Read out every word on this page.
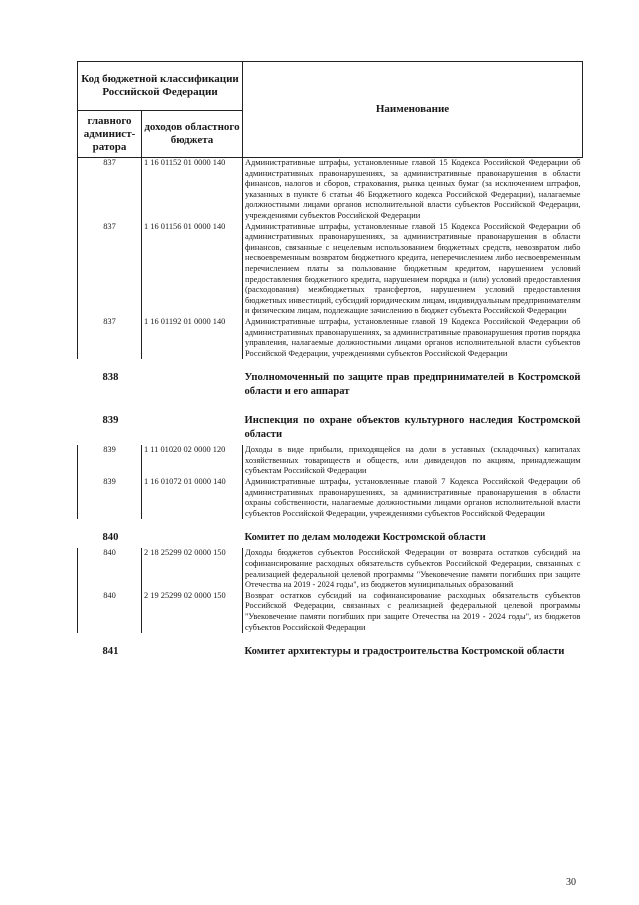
Код бюджетной классификации Российской Федерации		Наименование
главного админист-ратора	доходов областного бюджета	
837	1 16 01152 01 0000 140	Административные штрафы, установленные главой 15 Кодекса Российской Федерации об административных правонарушениях, за административные правонарушения в области финансов, налогов и сборов, страхования, рынка ценных бумаг (за исключением штрафов, указанных в пункте 6 статьи 46 Бюджетного кодекса Российской Федерации), налагаемые должностными лицами органов исполнительной власти субъектов Российской Федерации, учреждениями субъектов Российской Федерации
837	1 16 01156 01 0000 140	Административные штрафы, установленные главой 15 Кодекса Российской Федерации об административных правонарушениях, за административные правонарушения в области финансов, связанные с нецелевым использованием бюджетных средств, невозвратом либо несвоевременным возвратом бюджетного кредита, неперечислением либо несвоевременным перечислением платы за пользование бюджетным кредитом, нарушением условий предоставления бюджетного кредита, нарушением порядка и (или) условий предоставления (расходования) межбюджетных трансфертов, нарушением условий предоставления бюджетных инвестиций, субсидий юридическим лицам, индивидуальным предпринимателям и физическим лицам, подлежащие зачислению в бюджет субъекта Российской Федерации
837	1 16 01192 01 0000 140	Административные штрафы, установленные главой 19 Кодекса Российской Федерации об административных правонарушениях, за административные правонарушения против порядка управления, налагаемые должностными лицами органов исполнительной власти субъектов Российской Федерации, учреждениями субъектов Российской Федерации
838		Уполномоченный по защите прав предпринимателей в Костромской области и его аппарат
839		Инспекция по охране объектов культурного наследия Костромской области
839	1 11 01020 02 0000 120	Доходы в виде прибыли, приходящейся на доли в уставных (складочных) капиталах хозяйственных товариществ и обществ, или дивидендов по акциям, принадлежащим субъектам Российской Федерации
839	1 16 01072 01 0000 140	Административные штрафы, установленные главой 7 Кодекса Российской Федерации об административных правонарушениях, за административные правонарушения в области охраны собственности, налагаемые должностными лицами органов исполнительной власти субъектов Российской Федерации, учреждениями субъектов Российской Федерации
840		Комитет по делам молодежи Костромской области
840	2 18 25299 02 0000 150	Доходы бюджетов субъектов Российской Федерации от возврата остатков субсидий на софинансирование расходных обязательств субъектов Российской Федерации, связанных с реализацией федеральной целевой программы "Увековечение памяти погибших при защите Отечества на 2019 - 2024 годы", из бюджетов муниципальных образований
840	2 19 25299 02 0000 150	Возврат остатков субсидий на софинансирование расходных обязательств субъектов Российской Федерации, связанных с реализацией федеральной целевой программы "Увековечение памяти погибших при защите Отечества на 2019 - 2024 годы", из бюджетов субъектов Российской Федерации
841		Комитет архитектуры и градостроительства Костромской области
30
